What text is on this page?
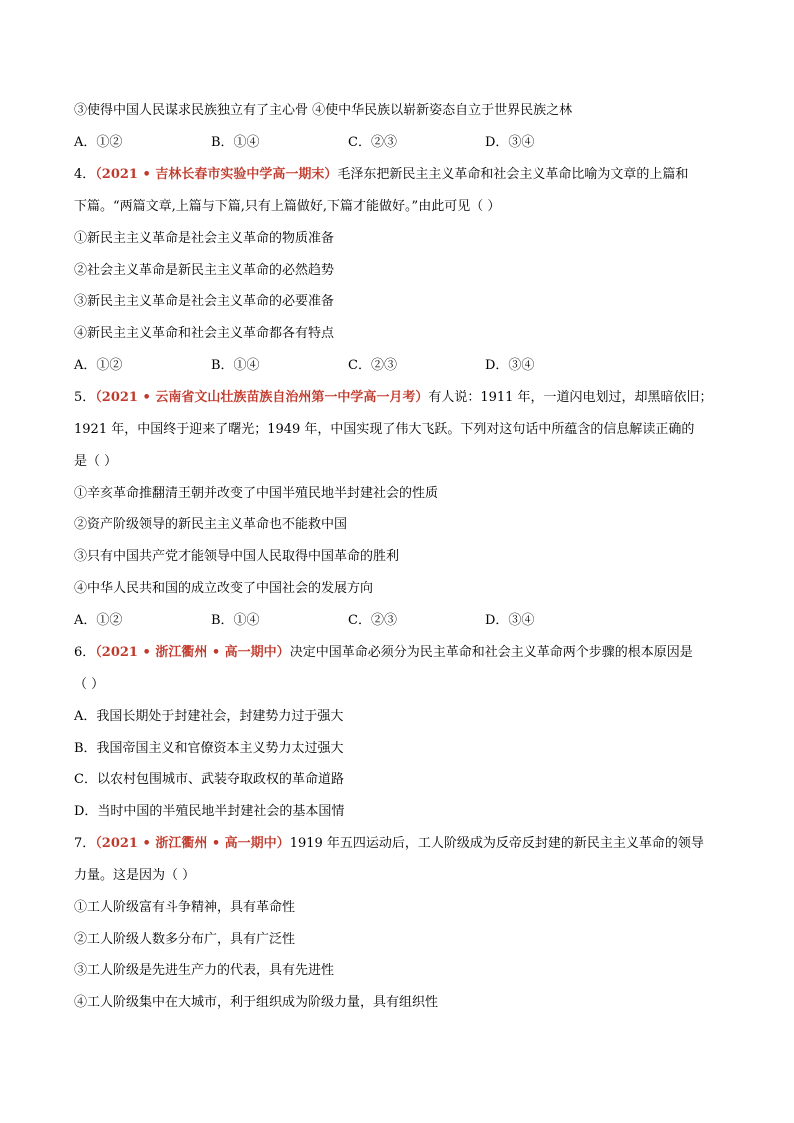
③使得中国人民谋求民族独立有了主心骨 ④使中华民族以崭新姿态自立于世界民族之林
A．①②	B．①④	C．②③	D．③④
4．（2021 • 吉林长春市实验中学高一期末）毛泽东把新民主主义革命和社会主义革命比喻为文章的上篇和
下篇。“两篇文章,上篇与下篇,只有上篇做好,下篇才能做好。”由此可见（ ）
①新民主主义革命是社会主义革命的物质准备
②社会主义革命是新民主主义革命的必然趋势
③新民主主义革命是社会主义革命的必要准备
④新民主主义革命和社会主义革命都各有特点
A．①②	B．①④	C．②③	D．③④
5．（2021 • 云南省文山壮族苗族自治州第一中学高一月考）有人说：1911 年，一道闪电划过，却黑暗依旧；
1921 年，中国终于迎来了曙光；1949 年，中国实现了伟大飞跃。下列对这句话中所蕴含的信息解读正确的
是（ ）
①辛亥革命推翻清王朝并改变了中国半殖民地半封建社会的性质
②资产阶级领导的新民主主义革命也不能救中国
③只有中国共产党才能领导中国人民取得中国革命的胜利
④中华人民共和国的成立改变了中国社会的发展方向
A．①②	B．①④	C．②③	D．③④
6．（2021 • 浙江衢州 • 高一期中）决定中国革命必须分为民主革命和社会主义革命两个步骤的根本原因是
（ ）
A．我国长期处于封建社会，封建势力过于强大
B．我国帝国主义和官僚资本主义势力太过强大
C．以农村包围城市、武装夺取政权的革命道路
D．当时中国的半殖民地半封建社会的基本国情
7．（2021 • 浙江衢州 • 高一期中）1919 年五四运动后，工人阶级成为反帝反封建的新民主主义革命的领导
力量。这是因为（ ）
①工人阶级富有斗争精神，具有革命性
②工人阶级人数多分布广，具有广泛性
③工人阶级是先进生产力的代表，具有先进性
④工人阶级集中在大城市，利于组织成为阶级力量，具有组织性
